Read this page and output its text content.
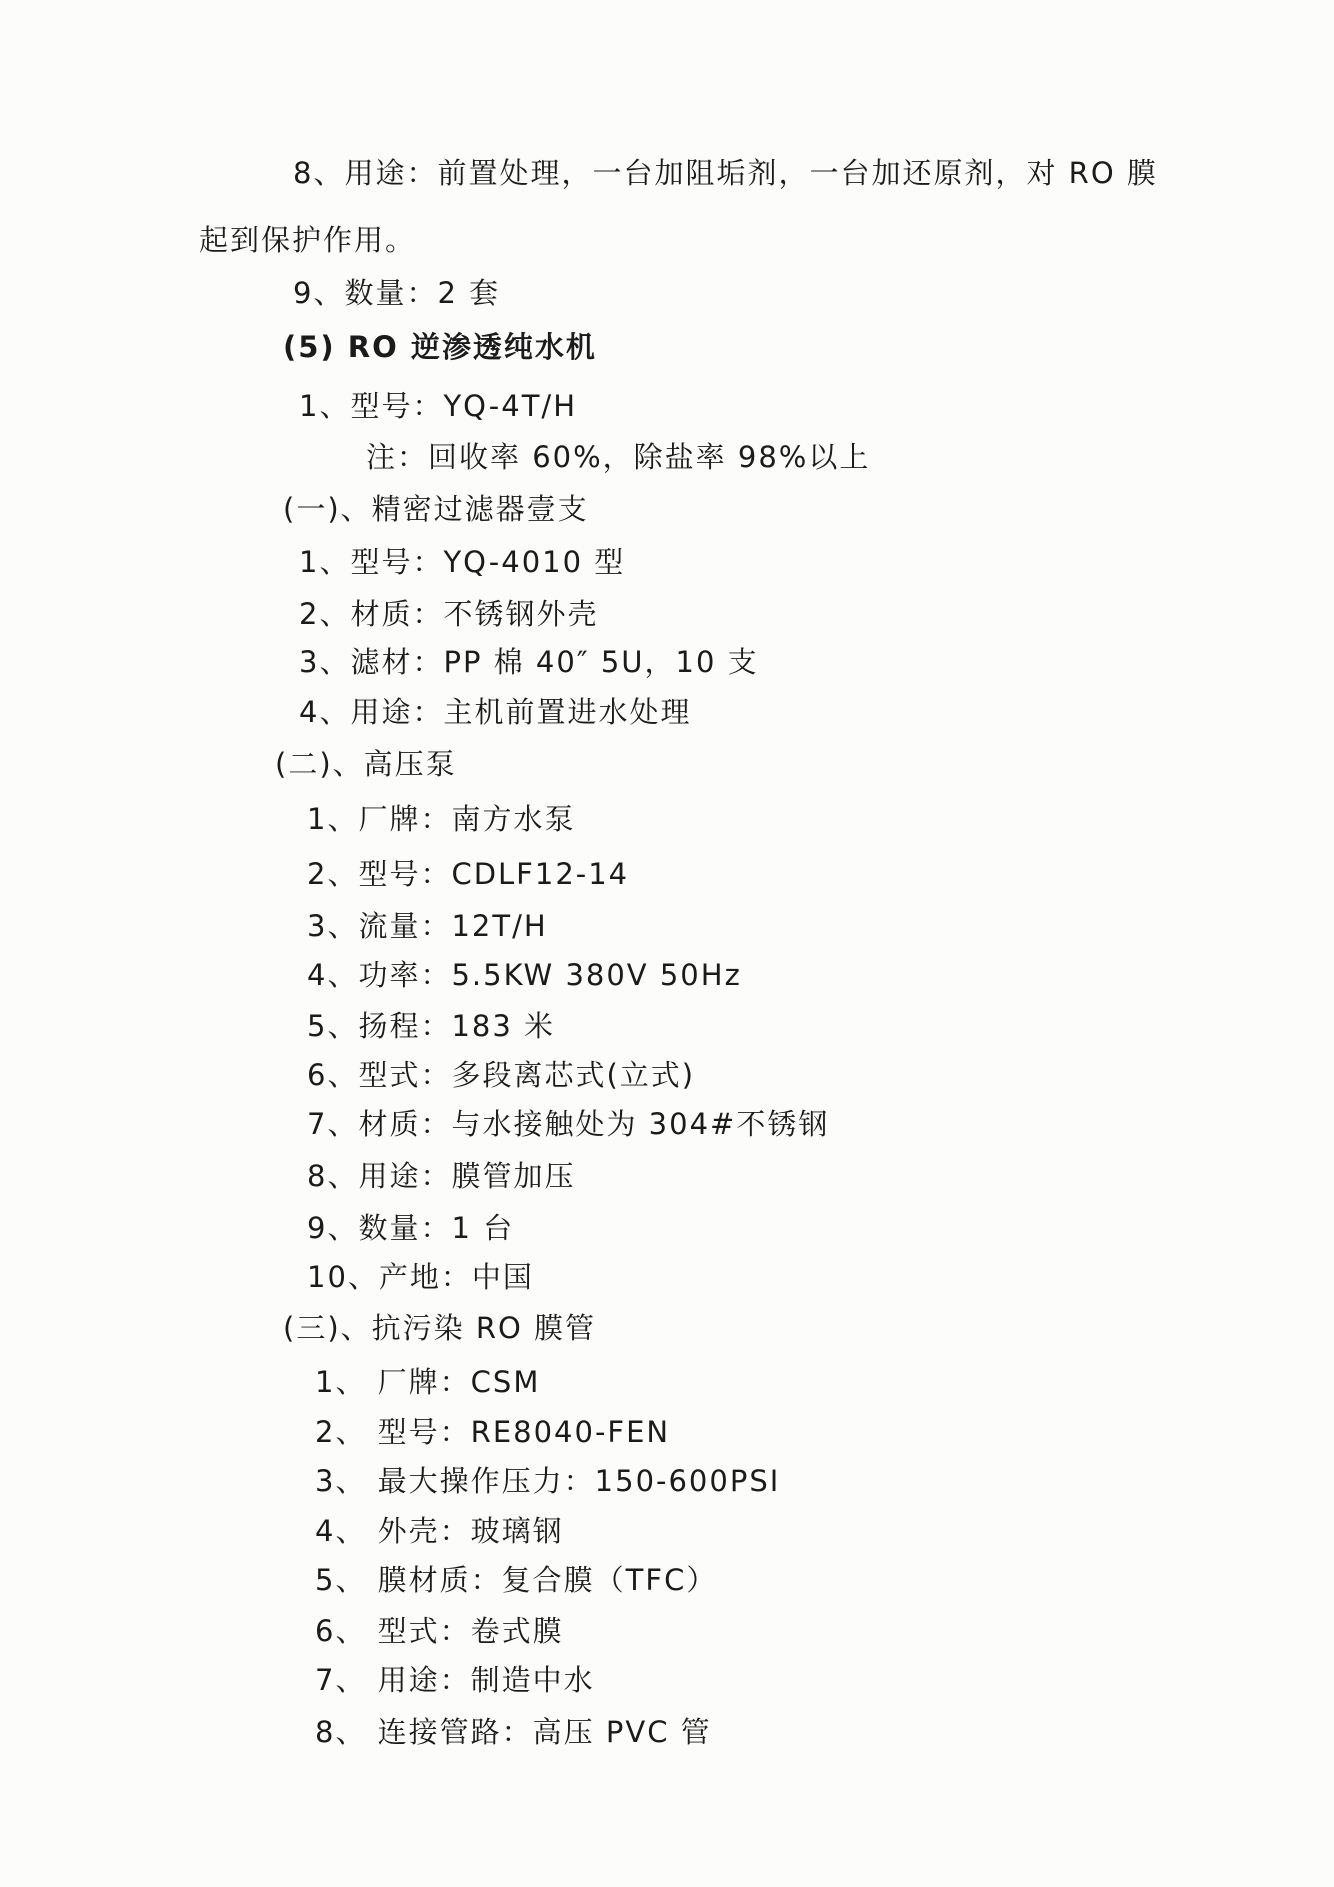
8、用途：前置处理，一台加阻垢剂，一台加还原剂，对 RO 膜
起到保护作用。
9、数量：2 套
(5) RO 逆渗透纯水机
1、型号：YQ-4T/H
注：回收率 60%，除盐率 98%以上
(一)、精密过滤器壹支
1、型号：YQ-4010 型
2、材质：不锈钢外壳
3、滤材：PP 棉 40″ 5U，10 支
4、用途：主机前置进水处理
(二)、高压泵
1、厂牌：南方水泵
2、型号：CDLF12-14
3、流量：12T/H
4、功率：5.5KW 380V 50Hz
5、扬程：183 米
6、型式：多段离芯式(立式)
7、材质：与水接触处为 304#不锈钢
8、用途：膜管加压
9、数量：1 台
10、产地：中国
(三)、抗污染 RO 膜管
1、 厂牌：CSM
2、 型号：RE8040-FEN
3、 最大操作压力：150-600PSI
4、 外壳：玻璃钢
5、 膜材质：复合膜（TFC）
6、 型式：卷式膜
7、 用途：制造中水
8、 连接管路：高压 PVC 管
